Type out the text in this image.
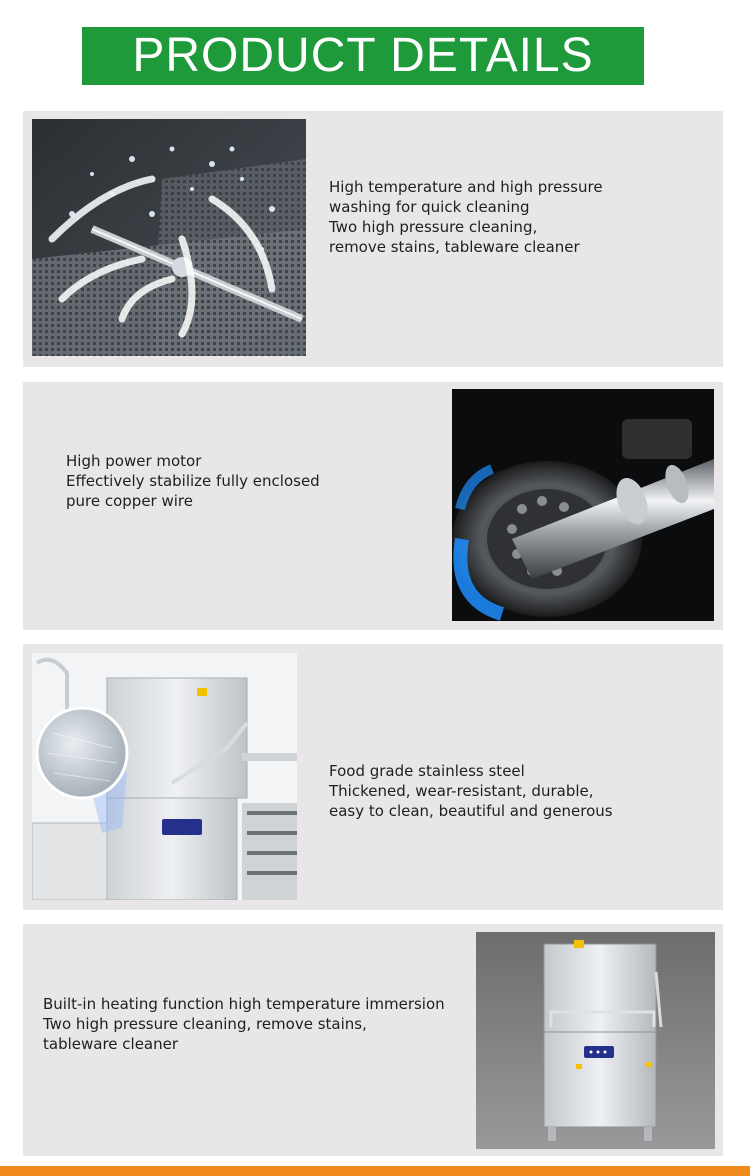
PRODUCT DETAILS
High temperature and high pressure
washing for quick cleaning
Two high pressure cleaning,
remove stains, tableware cleaner
High power motor
Effectively stabilize fully enclosed
pure copper wire
Food grade stainless steel
Thickened, wear-resistant, durable,
easy to clean, beautiful and generous
Built-in heating function high temperature immersion
Two high pressure cleaning, remove stains,
tableware cleaner
